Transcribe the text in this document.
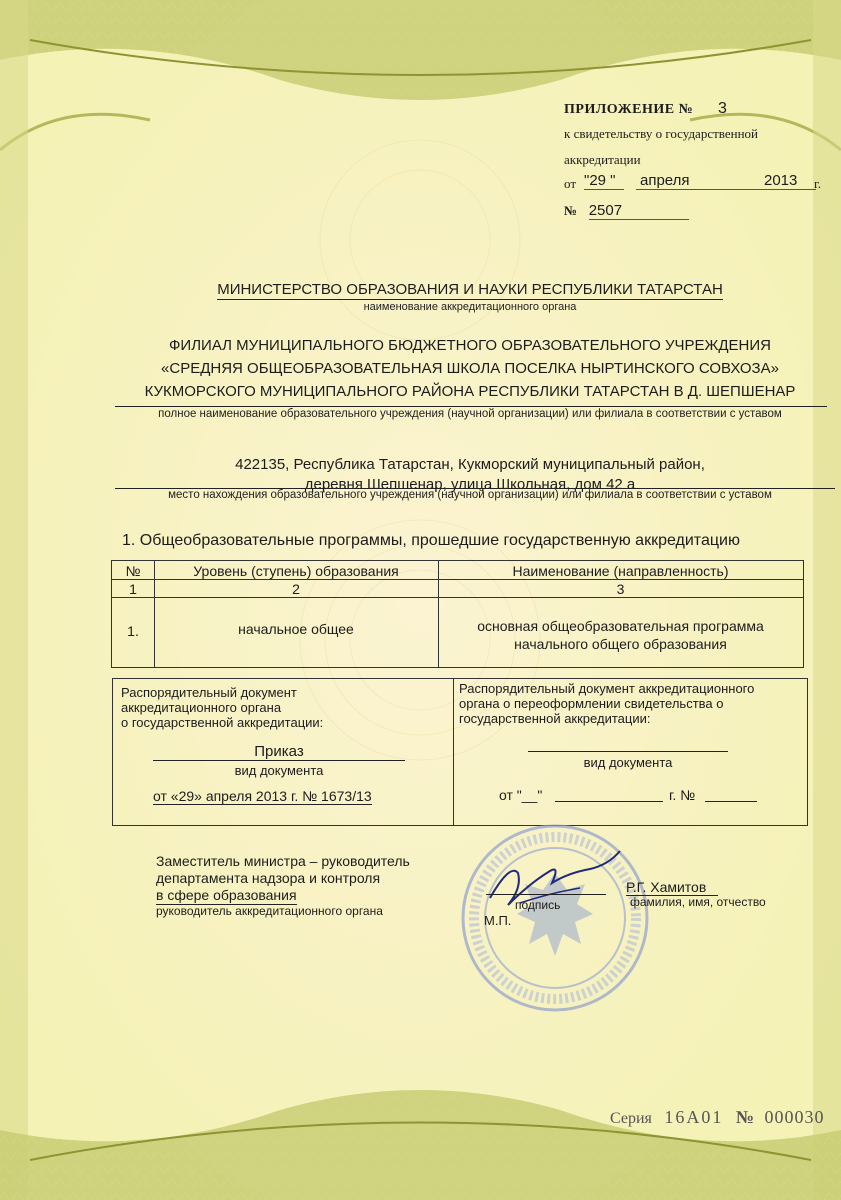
ПРИЛОЖЕНИЕ № 3
к свидетельству о государственной
аккредитации
от "29 "	апреля	2013 г.
№ 2507
МИНИСТЕРСТВО ОБРАЗОВАНИЯ И НАУКИ РЕСПУБЛИКИ ТАТАРСТАН
наименование аккредитационного органа
ФИЛИАЛ МУНИЦИПАЛЬНОГО БЮДЖЕТНОГО ОБРАЗОВАТЕЛЬНОГО УЧРЕЖДЕНИЯ
«СРЕДНЯЯ ОБЩЕОБРАЗОВАТЕЛЬНАЯ ШКОЛА ПОСЕЛКА НЫРТИНСКОГО СОВХОЗА»
КУКМОРСКОГО МУНИЦИПАЛЬНОГО РАЙОНА РЕСПУБЛИКИ ТАТАРСТАН В Д. ШЕПШЕНАР
полное наименование образовательного учреждения (научной организации) или филиала в соответствии с уставом
422135, Республика Татарстан, Кукморский муниципальный район,
деревня Шепшенар, улица Школьная, дом 42 а
место нахождения образовательного учреждения (научной организации) или филиала в соответствии с уставом
1. Общеобразовательные программы, прошедшие государственную аккредитацию
№	Уровень (ступень) образования	Наименование (направленность)
1	2	3
1.	начальное общее	основная общеобразовательная программа
начального общего образования
Распорядительный документ
аккредитационного органа
о государственной аккредитации:
Приказ
вид документа
от «29» апреля 2013 г. № 1673/13
Распорядительный документ аккредитационного
органа о переоформлении свидетельства о
государственной аккредитации:
вид документа
от "__"	г. №
Заместитель министра – руководитель
департамента надзора и контроля
в сфере образования
руководитель аккредитационного органа	подпись
М.П.
Р.Г. Хамитов
фамилия, имя, отчество
Серия 16А01 № 000030
